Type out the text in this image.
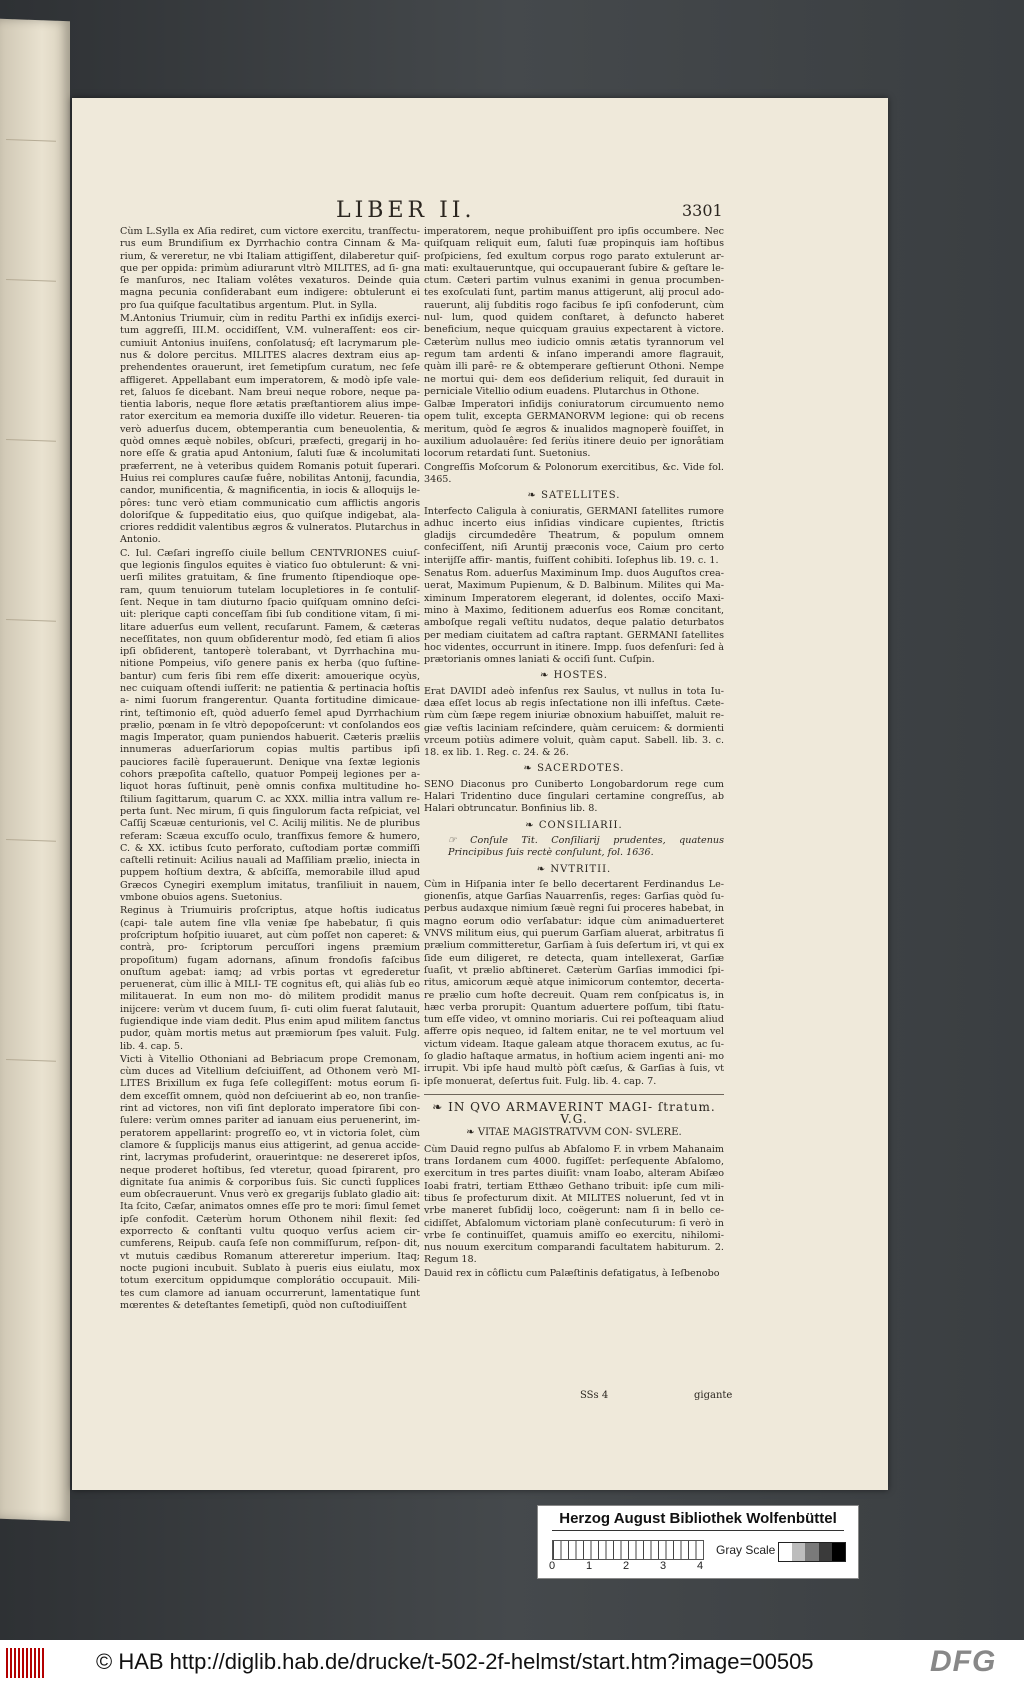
LIBER II.	3301

Cùm L.Sylla ex Aſia rediret, cum victore exercitu, tranſfectu- rus eum Brundiſium ex Dyrrhachio contra Cinnam & Ma- rium, & vereretur, ne vbi Italiam attigiſſent, dilaberetur quiſ- que per oppida: primùm adiurarunt vltrò MILITES, ad ſi- gna ſe manſuros, nec Italiam volêtes vexaturos. Deinde quia magna pecunia conſiderabant eum indigere: obtulerunt ei pro ſua quiſque facultatibus argentum. Plut. in Sylla.

M.Antonius Triumuir, cùm in reditu Parthi ex inſidijs exerci- tum aggreſſi, III.M. occidiſſent, V.M. vulneraſſent: eos cir- cumiuit Antonius inuiſens, conſolatusq́; eſt lacrymarum ple- nus & dolore percitus. MILITES alacres dextram eius ap- prehendentes orauerunt, iret ſemetipſum curatum, nec ſeſe affligeret. Appellabant eum imperatorem, & modò ipſe vale- ret, ſaluos ſe dicebant. Nam breui neque robore, neque pa- tientia laboris, neque flore ætatis præſtantiorem alius impe- rator exercitum ea memoria duxiſſe illo videtur. Reueren- tia verò aduerſus ducem, obtemperantia cum beneuolentia, & quòd omnes æquè nobiles, obſcuri, præfecti, gregarij in ho- nore eſſe & gratia apud Antonium, ſaluti ſuæ & incolumitati præferrent, ne à veteribus quidem Romanis potuit ſuperari. Huius rei complures cauſæ fuêre, nobilitas Antonij, facundia, candor, munificentia, & magnificentia, in iocis & alloquijs le- pôres: tunc verò etiam communicatio cum afflictis angoris doloriſque & ſuppeditatio eius, quo quiſque indigebat, ala- criores reddidit valentibus ægros & vulneratos. Plutarchus in Antonio.

C. Iul. Cæſari ingreſſo ciuile bellum CENTVRIONES cuiuſ- que legionis ſingulos equites è viatico ſuo obtulerunt: & vni- uerſi milites gratuitam, & ſine frumento ſtipendioque ope- ram, quum tenuiorum tutelam locupletiores in ſe contuliſ- ſent. Neque in tam diuturno ſpacio quiſquam omnino deſci- uit: plerique capti conceſſam ſibi ſub conditione vitam, ſi mi- litare aduerſus eum vellent, recuſarunt. Famem, & cæteras neceſſitates, non quum obſiderentur modò, ſed etiam ſi alios ipſi obſiderent, tantoperè tolerabant, vt Dyrrhachina mu- nitione Pompeius, viſo genere panis ex herba (quo ſuſtine- bantur) cum feris ſibi rem eſſe dixerit: amouerique ocyùs, nec cuiquam oſtendi iuſſerit: ne patientia & pertinacia hoſtis a- nimi ſuorum frangerentur. Quanta fortitudine dimicaue- rint, teſtimonio eſt, quòd aduerſo ſemel apud Dyrrhachium prælio, pœnam in ſe vltrò depopoſcerunt: vt conſolandos eos magis Imperator, quam puniendos habuerit. Cæteris præliis innumeras aduerſariorum copias multis partibus ipſi pauciores facilè ſuperauerunt. Denique vna ſextæ legionis cohors præpoſita caſtello, quatuor Pompeij legiones per a- liquot horas ſuſtinuit, penè omnis confixa multitudine ho- ſtilium ſagittarum, quarum C. ac XXX. millia intra vallum re- perta ſunt. Nec mirum, ſi quis ſingulorum facta reſpiciat, vel Caſſij Scæuæ centurionis, vel C. Acilij militis. Ne de pluribus referam: Scæua excuſſo oculo, tranſfixus femore & humero, C. & XX. ictibus ſcuto perforato, cuſtodiam portæ commiſſi caſtelli retinuit: Acilius nauali ad Maſſiliam prælio, iniecta in puppem hoſtium dextra, & abſciſſa, memorabile illud apud Græcos Cynegiri exemplum imitatus, tranſiliuit in nauem, vmbone obuios agens. Suetonius.

Reginus à Triumuiris proſcriptus, atque hoſtis iudicatus (capi- tale autem ſine vlla veniæ ſpe habebatur, ſi quis proſcriptum hoſpitio iuuaret, aut cùm poſſet non caperet: & contrà, pro- ſcriptorum percuſſori ingens præmium propoſitum) fugam adornans, aſinum frondoſis faſcibus onuſtum agebat: iamq; ad vrbis portas vt egrederetur peruenerat, cùm illic à MILI- TE cognitus eſt, qui aliàs ſub eo militauerat. In eum non mo- dò militem prodidit manus inijcere: verùm vt ducem ſuum, ſi- cuti olim fuerat ſalutauit, fugiendique inde viam dedit. Plus enim apud militem ſanctus pudor, quàm mortis metus aut præmiorum ſpes valuit. Fulg. lib. 4. cap. 5.

Victi à Vitellio Othoniani ad Bebriacum prope Cremonam, cùm duces ad Vitellium deſciuiſſent, ad Othonem verò MI- LITES Brixillum ex fuga ſeſe collegiſſent: motus eorum ſi- dem exceſſit omnem, quòd non deſciuerint ab eo, non tranſie- rint ad victores, non viſi ſint deplorato imperatore ſibi con- ſulere: verùm omnes pariter ad ianuam eius peruenerint, im- peratorem appellarint: progreſſo eo, vt in victoria ſolet, cùm clamore & ſupplicijs manus eius attigerint, ad genua accide- rint, lacrymas profuderint, orauerintque: ne desereret ipſos, neque proderet hoſtibus, ſed vteretur, quoad ſpirarent, pro dignitate ſua animis & corporibus ſuis. Sic cunctì ſupplices eum obſecrauerunt. Vnus verò ex gregarijs ſublato gladio ait: Ita ſcito, Cæſar, animatos omnes eſſe pro te mori: ſimul ſemet ipſe confodit. Cæterùm horum Othonem nihil flexit: ſed exporrecto & conſtanti vultu quoquo verſus aciem cir- cumferens, Reipub. cauſa ſeſe non commiſſurum, reſpon- dit, vt mutuis cædibus Romanum attereretur imperium. Itaq; nocte pugioni incubuit. Sublato à pueris eius eiulatu, mox totum exercitum oppidumque complorátio occupauit. Mili- tes cum clamore ad ianuam occurrerunt, lamentatique ſunt mœrentes & deteſtantes ſemetipſi, quòd non cuſtodiuiſſent

imperatorem, neque prohibuiſſent pro ipſis occumbere. Nec quiſquam reliquit eum, ſaluti ſuæ propinquis iam hoſtibus proſpiciens, ſed exultum corpus rogo parato extulerunt ar- mati: exultaueruntque, qui occupauerant ſubire & geſtare le- ctum. Cæteri partim vulnus exanimi in genua procumben- tes exoſculati ſunt, partim manus attigerunt, alij procul ado- rauerunt, alij ſubditis rogo facibus ſe ipſi confoderunt, cùm nul- lum, quod quidem conſtaret, à defuncto haberet beneficium, neque quicquam grauius expectarent à victore. Cæterùm nullus meo iudicio omnis ætatis tyrannorum vel regum tam ardenti & inſano imperandi amore flagrauit, quàm illi parê- re & obtemperare geſtierunt Othoni. Nempe ne mortui qui- dem eos deſiderium reliquit, ſed durauit in perniciale Vitellio odium euadens. Plutarchus in Othone.

Galbæ Imperatori inſidijs coniuratorum circumuento nemo opem tulit, excepta GERMANORVM legione: qui ob recens meritum, quòd ſe ægros & inualidos magnoperè fouiſſet, in auxilium aduolauêre: ſed ſeriùs itinere deuio per ignorâtiam locorum retardati ſunt. Suetonius.

Congreſſis Moſcorum & Polonorum exercitibus, &c. Vide fol. 3465.

❧ SATELLITES.

Interfecto Caligula à coniuratis, GERMANI ſatellites rumore adhuc incerto eius inſidias vindicare cupientes, ſtrictis gladijs circumdedêre Theatrum, & populum omnem confeciſſent, niſi Aruntij præconis voce, Caium pro certo interijſſe affir- mantis, fuiſſent cohibiti. Ioſephus lib. 19. c. 1.

Senatus Rom. aduerſus Maximinum Imp. duos Auguſtos crea- uerat, Maximum Pupienum, & D. Balbinum. Milites qui Ma- ximinum Imperatorem elegerant, id dolentes, occiſo Maxi- mino à Maximo, ſeditionem aduerſus eos Romæ concitant, amboſque regali veſtitu nudatos, deque palatio deturbatos per mediam ciuitatem ad caſtra raptant. GERMANI ſatellites hoc videntes, occurrunt in itinere. Impp. ſuos defenſuri: ſed à prætorianis omnes laniati & occiſi ſunt. Cuſpin.

❧ HOSTES.

Erat DAVIDI adeò infenſus rex Saulus, vt nullus in tota Iu- dæa eſſet locus ab regis inſectatione non illi infeſtus. Cæte- rùm cùm ſæpe regem iniuriæ obnoxium habuiſſet, maluit re- giæ veſtis laciniam reſcindere, quàm ceruicem: & dormienti vrceum potiùs adimere voluit, quàm caput. Sabell. lib. 3. c. 18. ex lib. 1. Reg. c. 24. & 26.

❧ SACERDOTES.

SENO Diaconus pro Cuniberto Longobardorum rege cum Halari Tridentino duce ſingulari certamine congreſſus, ab Halari obtruncatur. Bonfinius lib. 8.

❧ CONSILIARII.

☞ Conſule Tit. Conſiliarij prudentes, quatenus Principibus ſuis rectè conſulunt, fol. 1636.

❧ NVTRITII.

Cùm in Hiſpania inter ſe bello decertarent Ferdinandus Le- gionenſis, atque Garſias Nauarrenſis, reges: Garſias quòd ſu- perbus audaxque nimium ſæuè regni ſui proceres habebat, in magno eorum odio verſabatur: idque cùm animaduerteret VNVS militum eius, qui puerum Garſiam aluerat, arbitratus ſi prælium committeretur, Garſiam à ſuis deſertum iri, vt qui ex ſide eum diligeret, re detecta, quam intellexerat, Garſiæ ſuaſit, vt prælio abſtineret. Cæterùm Garſias immodici ſpi- ritus, amicorum æquè atque inimicorum contemtor, decerta- re prælio cum hoſte decreuit. Quam rem conſpicatus is, in hæc verba prorupit: Quantum aduertere poſſum, tibi ſtatu- tum eſſe video, vt omnino moriaris. Cui rei poſteaquam aliud afferre opis nequeo, id ſaltem enitar, ne te vel mortuum vel victum videam. Itaque galeam atque thoracem exutus, ac ſu- ſo gladio haſtaque armatus, in hoſtium aciem ingenti ani- mo irrupit. Vbi ipſe haud multò pòſt cæſus, & Garſias à ſuis, vt ipſe monuerat, deſertus fuit. Fulg. lib. 4. cap. 7.

❧ IN QVO ARMAVERINT MAGI- ſtratum. V.G.
❧ VITAE MAGISTRATVVM CON- SVLERE.

Cùm Dauid regno pulſus ab Abſalomo F. in vrbem Mahanaim trans Iordanem cum 4000. fugiſſet: perſequente Abſalomo, exercitum in tres partes diuiſit: vnam Ioabo, alteram Abiſæo Ioabi fratri, tertiam Etthæo Gethano tribuit: ipſe cum mili- tibus ſe profecturum dixit. At MILITES noluerunt, ſed vt in vrbe maneret ſubſidij loco, coëgerunt: nam ſi in bello ce- cidiſſet, Abſalomum victoriam planè conſecuturum: ſi verò in vrbe ſe continuiſſet, quamuis amiſſo eo exercitu, nihilomi- nus nouum exercitum comparandi facultatem habiturum. 2. Regum 18.

Dauid rex in côflictu cum Palæſtinis defatigatus, à Ieſbenobo

SSs 4	gigante
Herzog August Bibliothek Wolfenbüttel
0	1	2	3	4
Gray Scale
© HAB http://diglib.hab.de/drucke/t-502-2f-helmst/start.htm?image=00505	DFG
